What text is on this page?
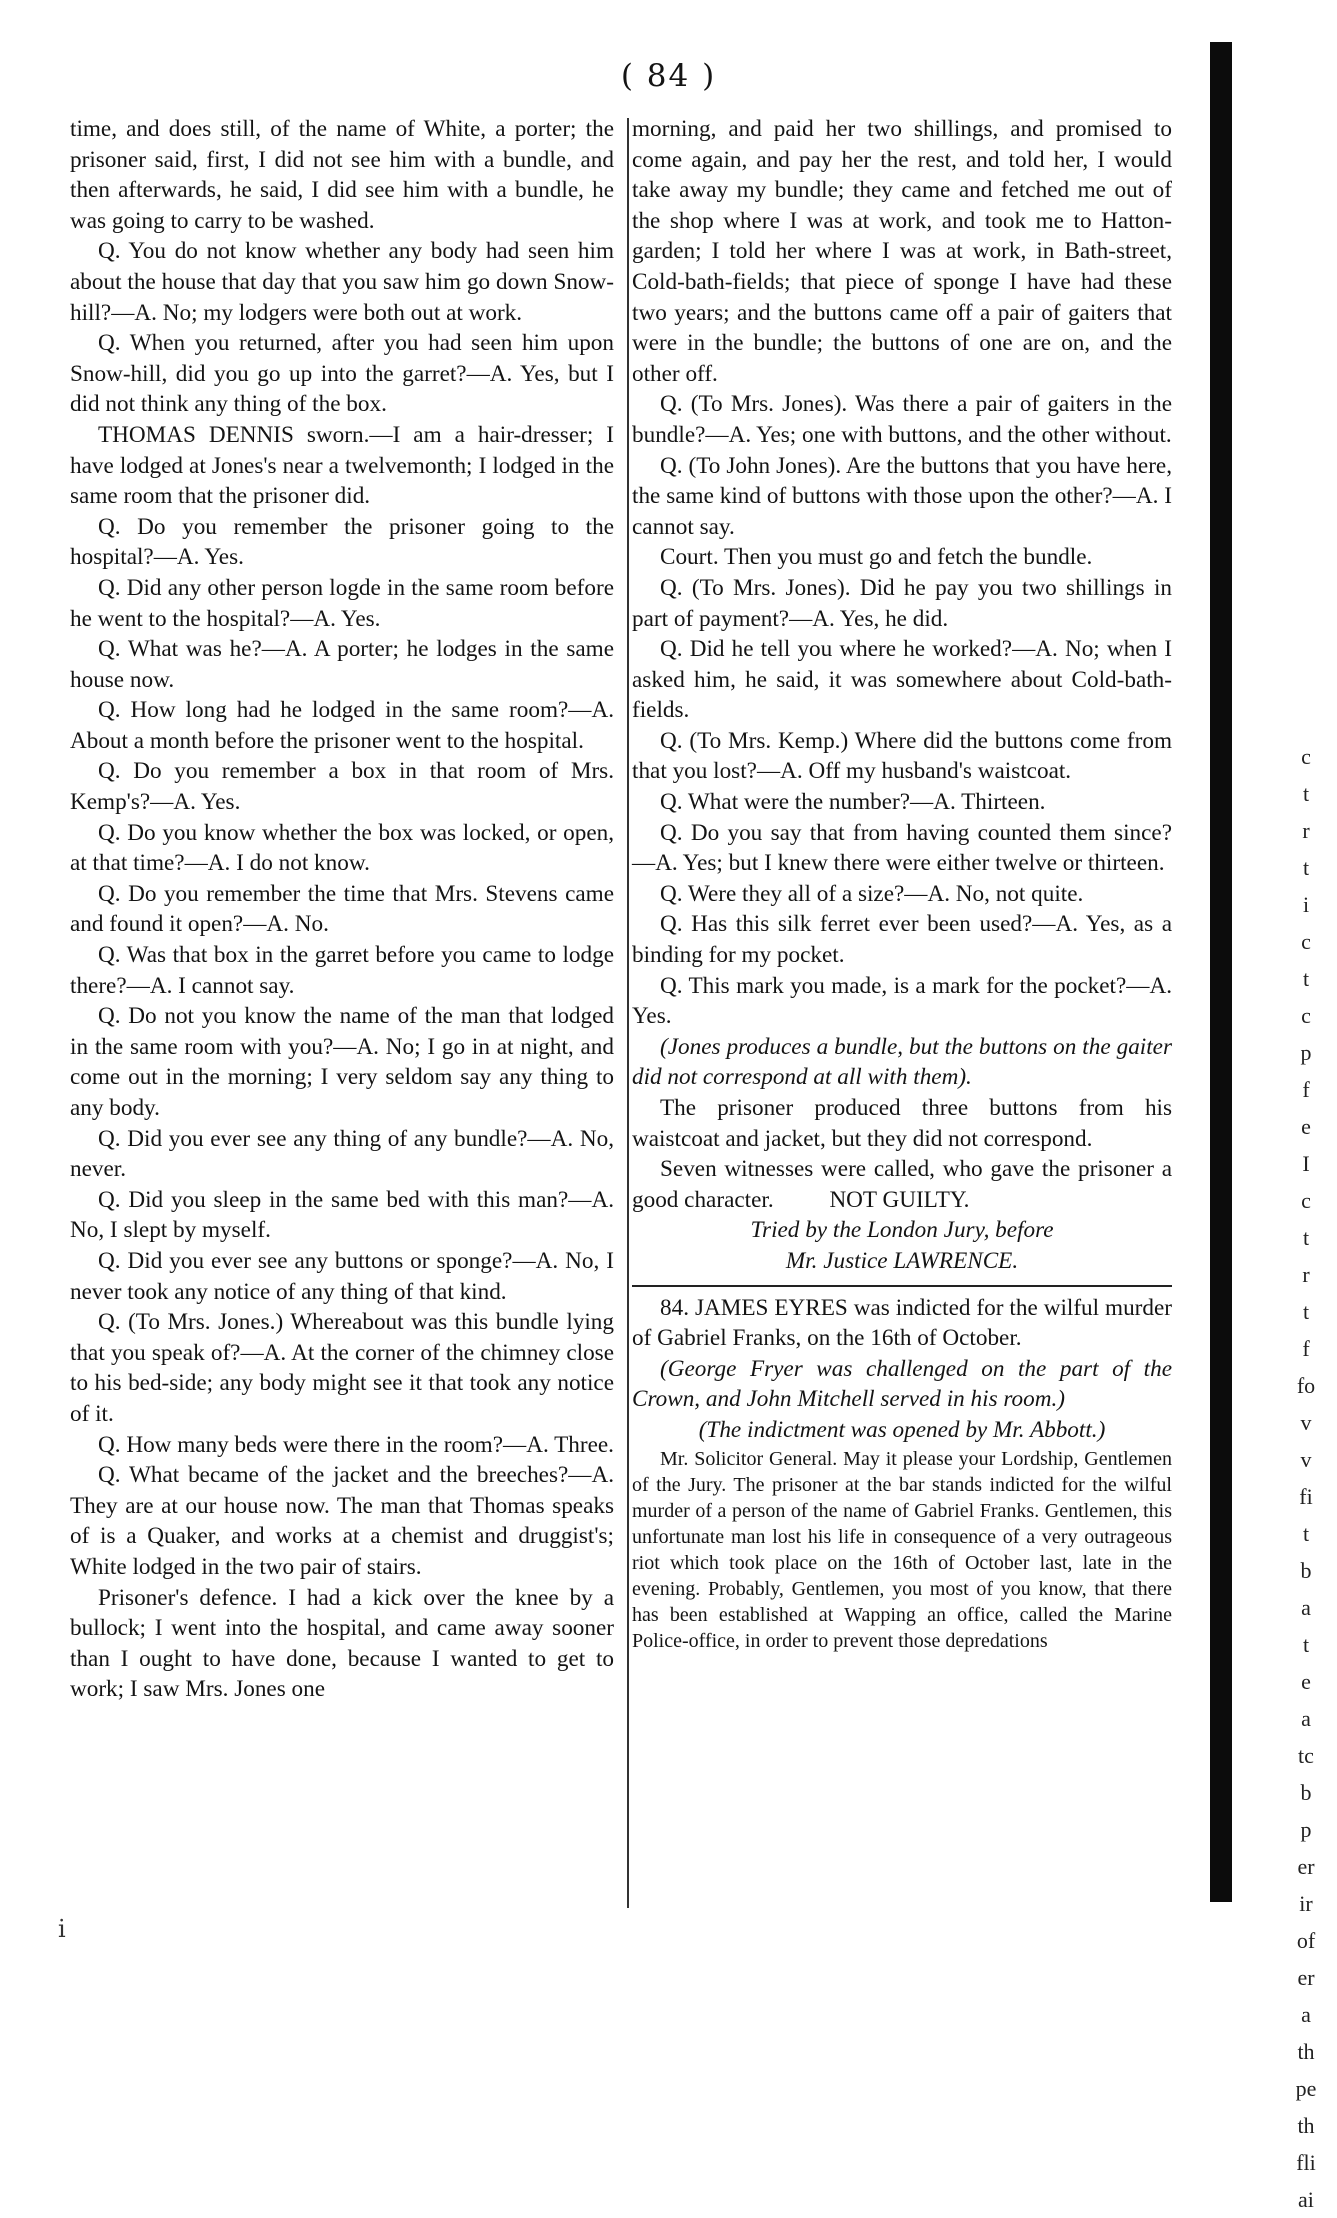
( 84 )

time, and does still, of the name of White, a porter; the prisoner said, first, I did not see him with a bundle, and then afterwards, he said, I did see him with a bundle, he was going to carry to be washed.

Q. You do not know whether any body had seen him about the house that day that you saw him go down Snow-hill?—A. No; my lodgers were both out at work.

Q. When you returned, after you had seen him upon Snow-hill, did you go up into the garret?—A. Yes, but I did not think any thing of the box.

THOMAS DENNIS sworn.—I am a hair-dresser; I have lodged at Jones's near a twelvemonth; I lodged in the same room that the prisoner did.

Q. Do you remember the prisoner going to the hospital?—A. Yes.

Q. Did any other person logde in the same room before he went to the hospital?—A. Yes.

Q. What was he?—A. A porter; he lodges in the same house now.

Q. How long had he lodged in the same room?—A. About a month before the prisoner went to the hospital.

Q. Do you remember a box in that room of Mrs. Kemp's?—A. Yes.

Q. Do you know whether the box was locked, or open, at that time?—A. I do not know.

Q. Do you remember the time that Mrs. Stevens came and found it open?—A. No.

Q. Was that box in the garret before you came to lodge there?—A. I cannot say.

Q. Do not you know the name of the man that lodged in the same room with you?—A. No; I go in at night, and come out in the morning; I very seldom say any thing to any body.

Q. Did you ever see any thing of any bundle?—A. No, never.

Q. Did you sleep in the same bed with this man?—A. No, I slept by myself.

Q. Did you ever see any buttons or sponge?—A. No, I never took any notice of any thing of that kind.

Q. (To Mrs. Jones.) Whereabout was this bundle lying that you speak of?—A. At the corner of the chimney close to his bed-side; any body might see it that took any notice of it.

Q. How many beds were there in the room?—A. Three.

Q. What became of the jacket and the breeches?—A. They are at our house now. The man that Thomas speaks of is a Quaker, and works at a chemist and druggist's; White lodged in the two pair of stairs.

Prisoner's defence. I had a kick over the knee by a bullock; I went into the hospital, and came away sooner than I ought to have done, because I wanted to get to work; I saw Mrs. Jones one

morning, and paid her two shillings, and promised to come again, and pay her the rest, and told her, I would take away my bundle; they came and fetched me out of the shop where I was at work, and took me to Hatton-garden; I told her where I was at work, in Bath-street, Cold-bath-fields; that piece of sponge I have had these two years; and the buttons came off a pair of gaiters that were in the bundle; the buttons of one are on, and the other off.

Q. (To Mrs. Jones). Was there a pair of gaiters in the bundle?—A. Yes; one with buttons, and the other without.

Q. (To John Jones). Are the buttons that you have here, the same kind of buttons with those upon the other?—A. I cannot say.

Court. Then you must go and fetch the bundle.

Q. (To Mrs. Jones). Did he pay you two shillings in part of payment?—A. Yes, he did.

Q. Did he tell you where he worked?—A. No; when I asked him, he said, it was somewhere about Cold-bath-fields.

Q. (To Mrs. Kemp.) Where did the buttons come from that you lost?—A. Off my husband's waistcoat.

Q. What were the number?—A. Thirteen.

Q. Do you say that from having counted them since?—A. Yes; but I knew there were either twelve or thirteen.

Q. Were they all of a size?—A. No, not quite.

Q. Has this silk ferret ever been used?—A. Yes, as a binding for my pocket.

Q. This mark you made, is a mark for the pocket?—A. Yes.

(Jones produces a bundle, but the buttons on the gaiter did not correspond at all with them).

The prisoner produced three buttons from his waistcoat and jacket, but they did not correspond.

Seven witnesses were called, who gave the prisoner a good character. NOT GUILTY.

Tried by the London Jury, before

Mr. Justice LAWRENCE.

84. JAMES EYRES was indicted for the wilful murder of Gabriel Franks, on the 16th of October.

(George Fryer was challenged on the part of the Crown, and John Mitchell served in his room.)

(The indictment was opened by Mr. Abbott.)

Mr. Solicitor General. May it please your Lordship, Gentlemen of the Jury. The prisoner at the bar stands indicted for the wilful murder of a person of the name of Gabriel Franks. Gentlemen, this unfortunate man lost his life in consequence of a very outrageous riot which took place on the 16th of October last, late in the evening. Probably, Gentlemen, you most of you know, that there has been established at Wapping an office, called the Marine Police-office, in order to prevent those depredations

c
t
r
t
i
c
t
c
p
f
e
I
c
t
r
t
f
fo
v
v
fi
t
b
a
t
e
a
tc
b
p
er
ir
of
er
a
th
pe
th
fli
ai
i
